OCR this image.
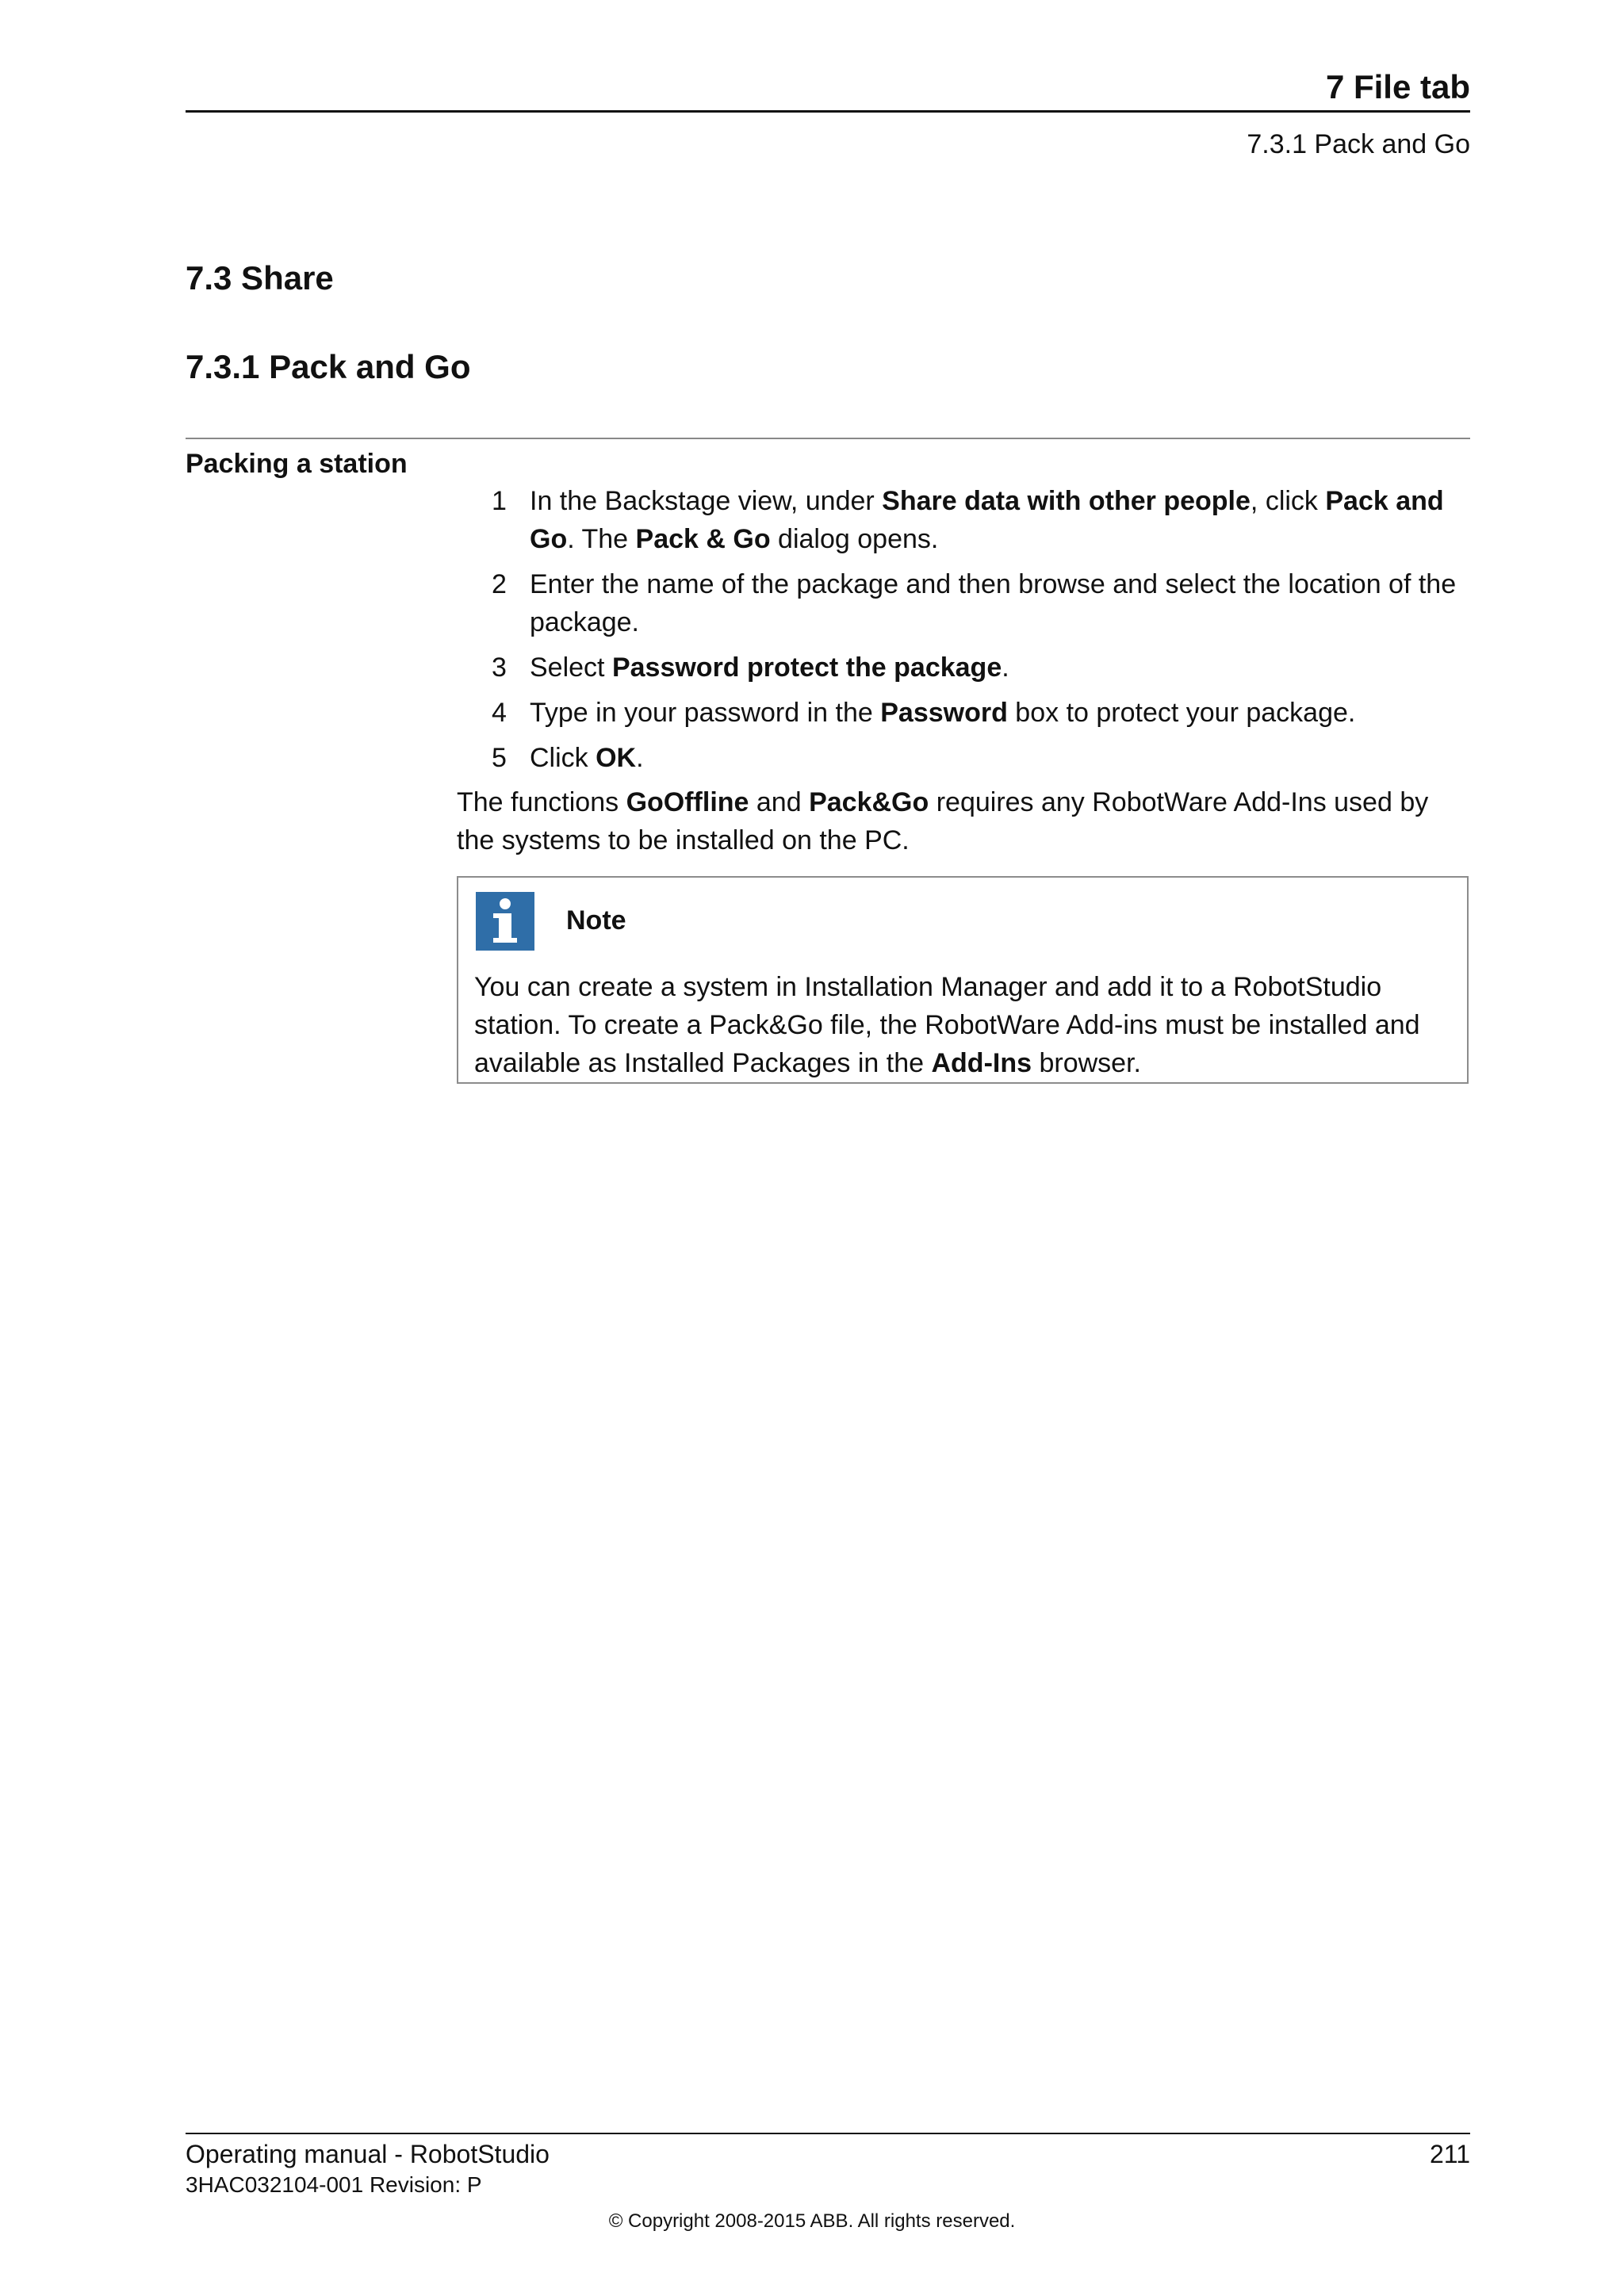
7 File tab
7.3.1 Pack and Go
7.3 Share
7.3.1 Pack and Go
Packing a station
1 In the Backstage view, under Share data with other people, click Pack and Go. The Pack & Go dialog opens.
2 Enter the name of the package and then browse and select the location of the package.
3 Select Password protect the package.
4 Type in your password in the Password box to protect your package.
5 Click OK.
The functions GoOffline and Pack&Go requires any RobotWare Add-Ins used by the systems to be installed on the PC.
Note
You can create a system in Installation Manager and add it to a RobotStudio station. To create a Pack&Go file, the RobotWare Add-ins must be installed and available as Installed Packages in the Add-Ins browser.
Operating manual - RobotStudio	211
3HAC032104-001 Revision: P
© Copyright 2008-2015 ABB. All rights reserved.
